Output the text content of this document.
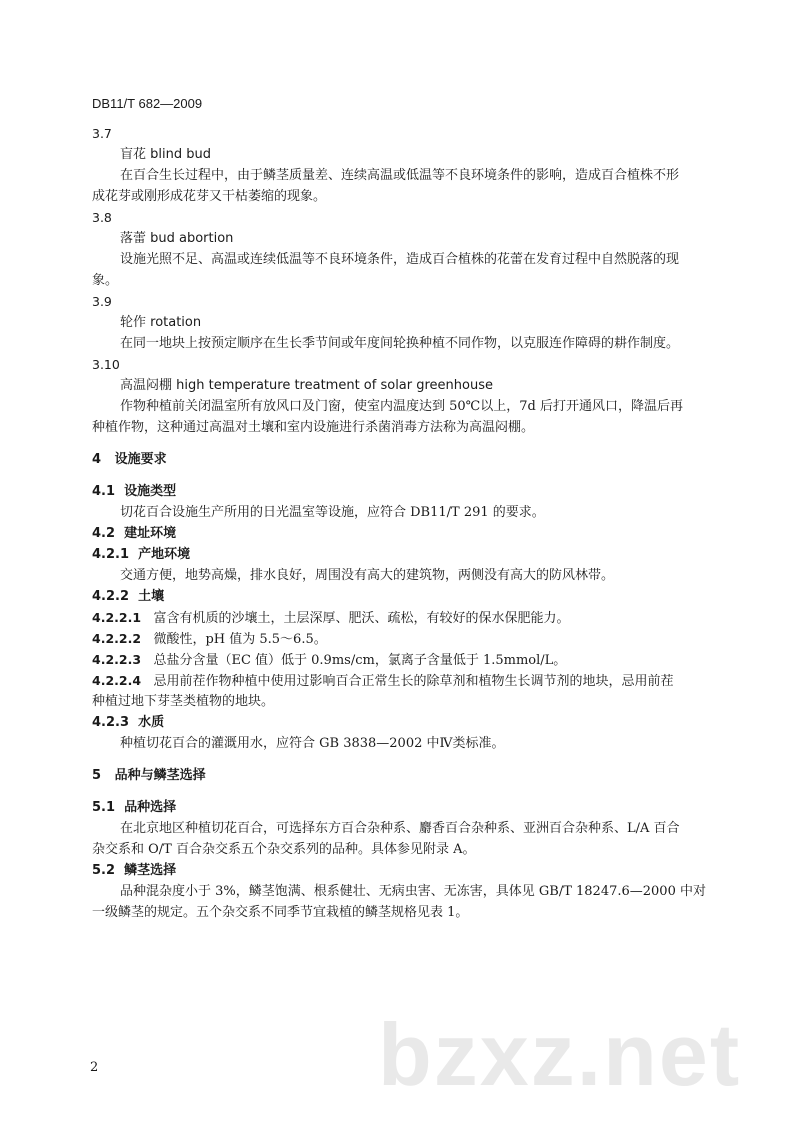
DB11/T 682—2009
3.7
盲花 blind bud
在百合生长过程中，由于鳞茎质量差、连续高温或低温等不良环境条件的影响，造成百合植株不形
成花芽或刚形成花芽又干枯萎缩的现象。
3.8
落蕾 bud abortion
设施光照不足、高温或连续低温等不良环境条件，造成百合植株的花蕾在发育过程中自然脱落的现
象。
3.9
轮作 rotation
在同一地块上按预定顺序在生长季节间或年度间轮换种植不同作物，以克服连作障碍的耕作制度。
3.10
高温闷棚 high temperature treatment of solar greenhouse
作物种植前关闭温室所有放风口及门窗，使室内温度达到 50℃以上，7d 后打开通风口，降温后再
种植作物，这种通过高温对土壤和室内设施进行杀菌消毒方法称为高温闷棚。
4 设施要求
4.1 设施类型
切花百合设施生产所用的日光温室等设施，应符合 DB11/T 291 的要求。
4.2 建址环境
4.2.1 产地环境
交通方便，地势高燥，排水良好，周围没有高大的建筑物，两侧没有高大的防风林带。
4.2.2 土壤
4.2.2.1 富含有机质的沙壤土，土层深厚、肥沃、疏松，有较好的保水保肥能力。
4.2.2.2 微酸性，pH 值为 5.5～6.5。
4.2.2.3 总盐分含量（EC 值）低于 0.9ms/cm，氯离子含量低于 1.5mmol/L。
4.2.2.4 忌用前茬作物种植中使用过影响百合正常生长的除草剂和植物生长调节剂的地块，忌用前茬
种植过地下芽茎类植物的地块。
4.2.3 水质
种植切花百合的灌溉用水，应符合 GB 3838—2002 中Ⅳ类标准。
5 品种与鳞茎选择
5.1 品种选择
在北京地区种植切花百合，可选择东方百合杂种系、麝香百合杂种系、亚洲百合杂种系、L/A 百合
杂交系和 O/T 百合杂交系五个杂交系列的品种。具体参见附录 A。
5.2 鳞茎选择
品种混杂度小于 3%，鳞茎饱满、根系健壮、无病虫害、无冻害，具体见 GB/T 18247.6—2000 中对
一级鳞茎的规定。五个杂交系不同季节宜栽植的鳞茎规格见表 1。
bzxz.net
2
